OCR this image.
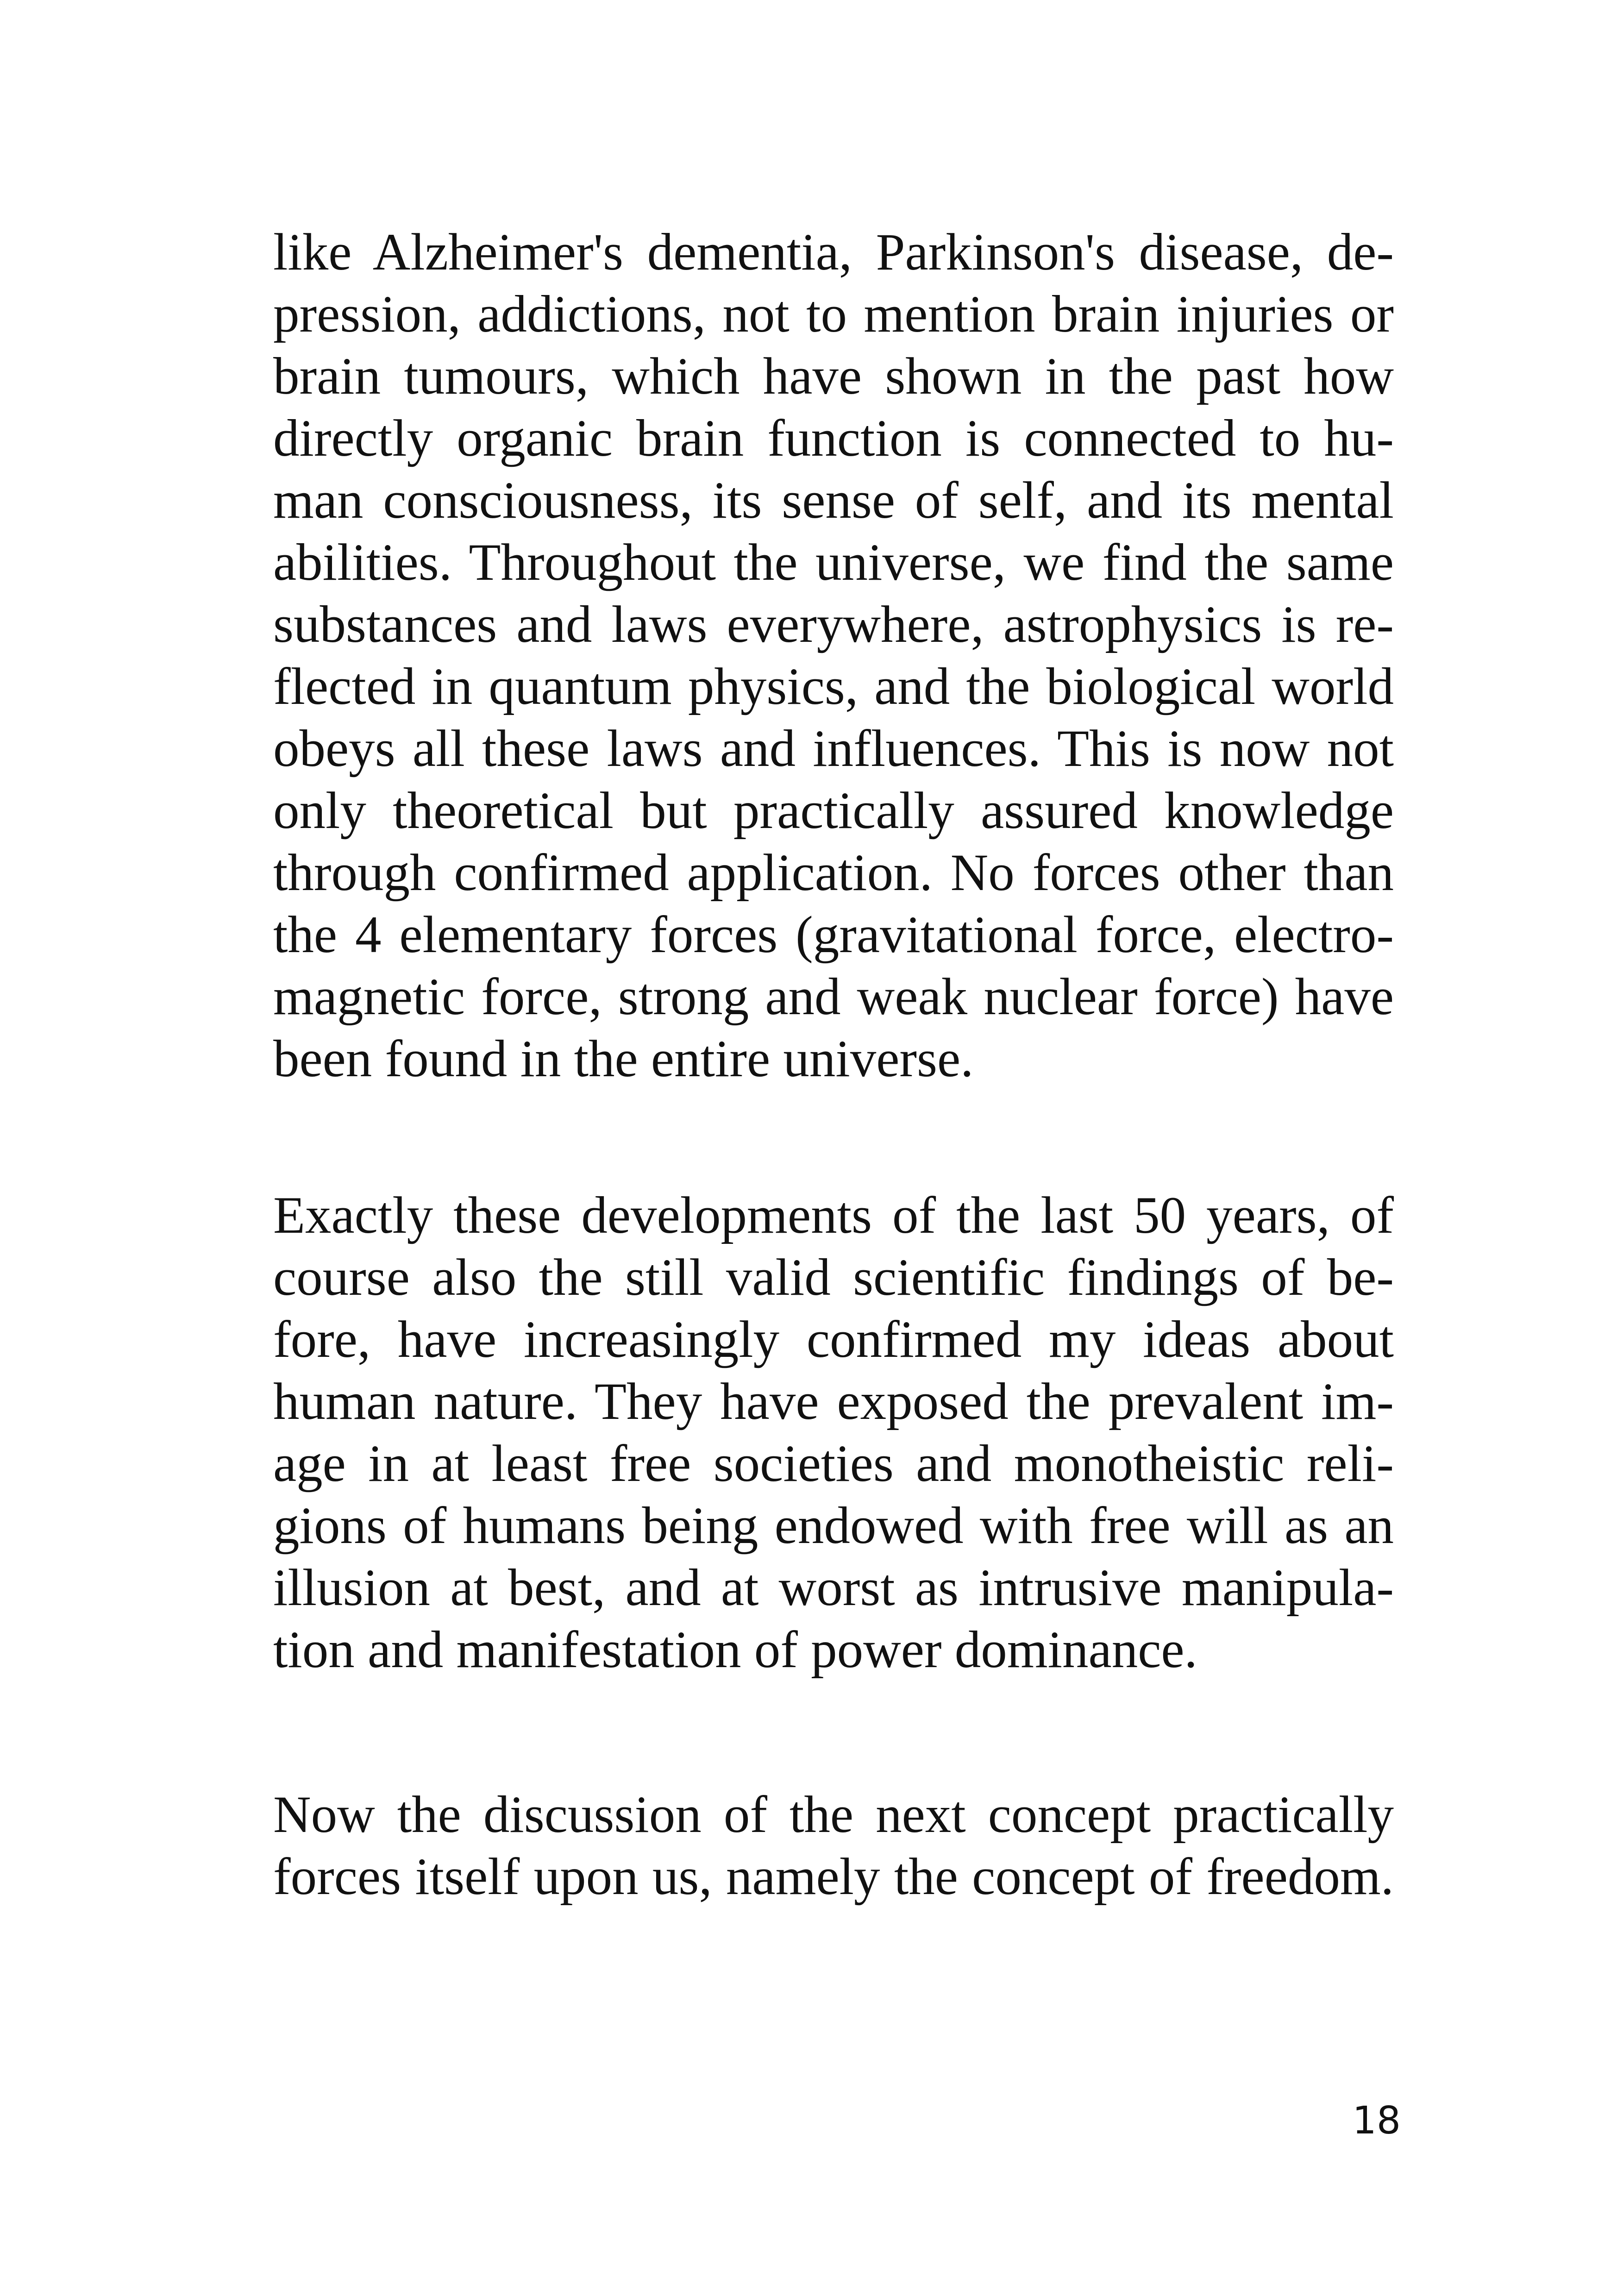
like Alzheimer's dementia, Parkinson's disease, de-
pression, addictions, not to mention brain injuries or
brain tumours, which have shown in the past how
directly organic brain function is connected to hu-
man consciousness, its sense of self, and its mental
abilities. Throughout the universe, we find the same
substances and laws everywhere, astrophysics is re-
flected in quantum physics, and the biological world
obeys all these laws and influences. This is now not
only theoretical but practically assured knowledge
through confirmed application. No forces other than
the 4 elementary forces (gravitational force, electro-
magnetic force, strong and weak nuclear force) have
been found in the entire universe.
Exactly these developments of the last 50 years, of
course also the still valid scientific findings of be-
fore, have increasingly confirmed my ideas about
human nature. They have exposed the prevalent im-
age in at least free societies and monotheistic reli-
gions of humans being endowed with free will as an
illusion at best, and at worst as intrusive manipula-
tion and manifestation of power dominance.
Now the discussion of the next concept practically
forces itself upon us, namely the concept of freedom.
18
